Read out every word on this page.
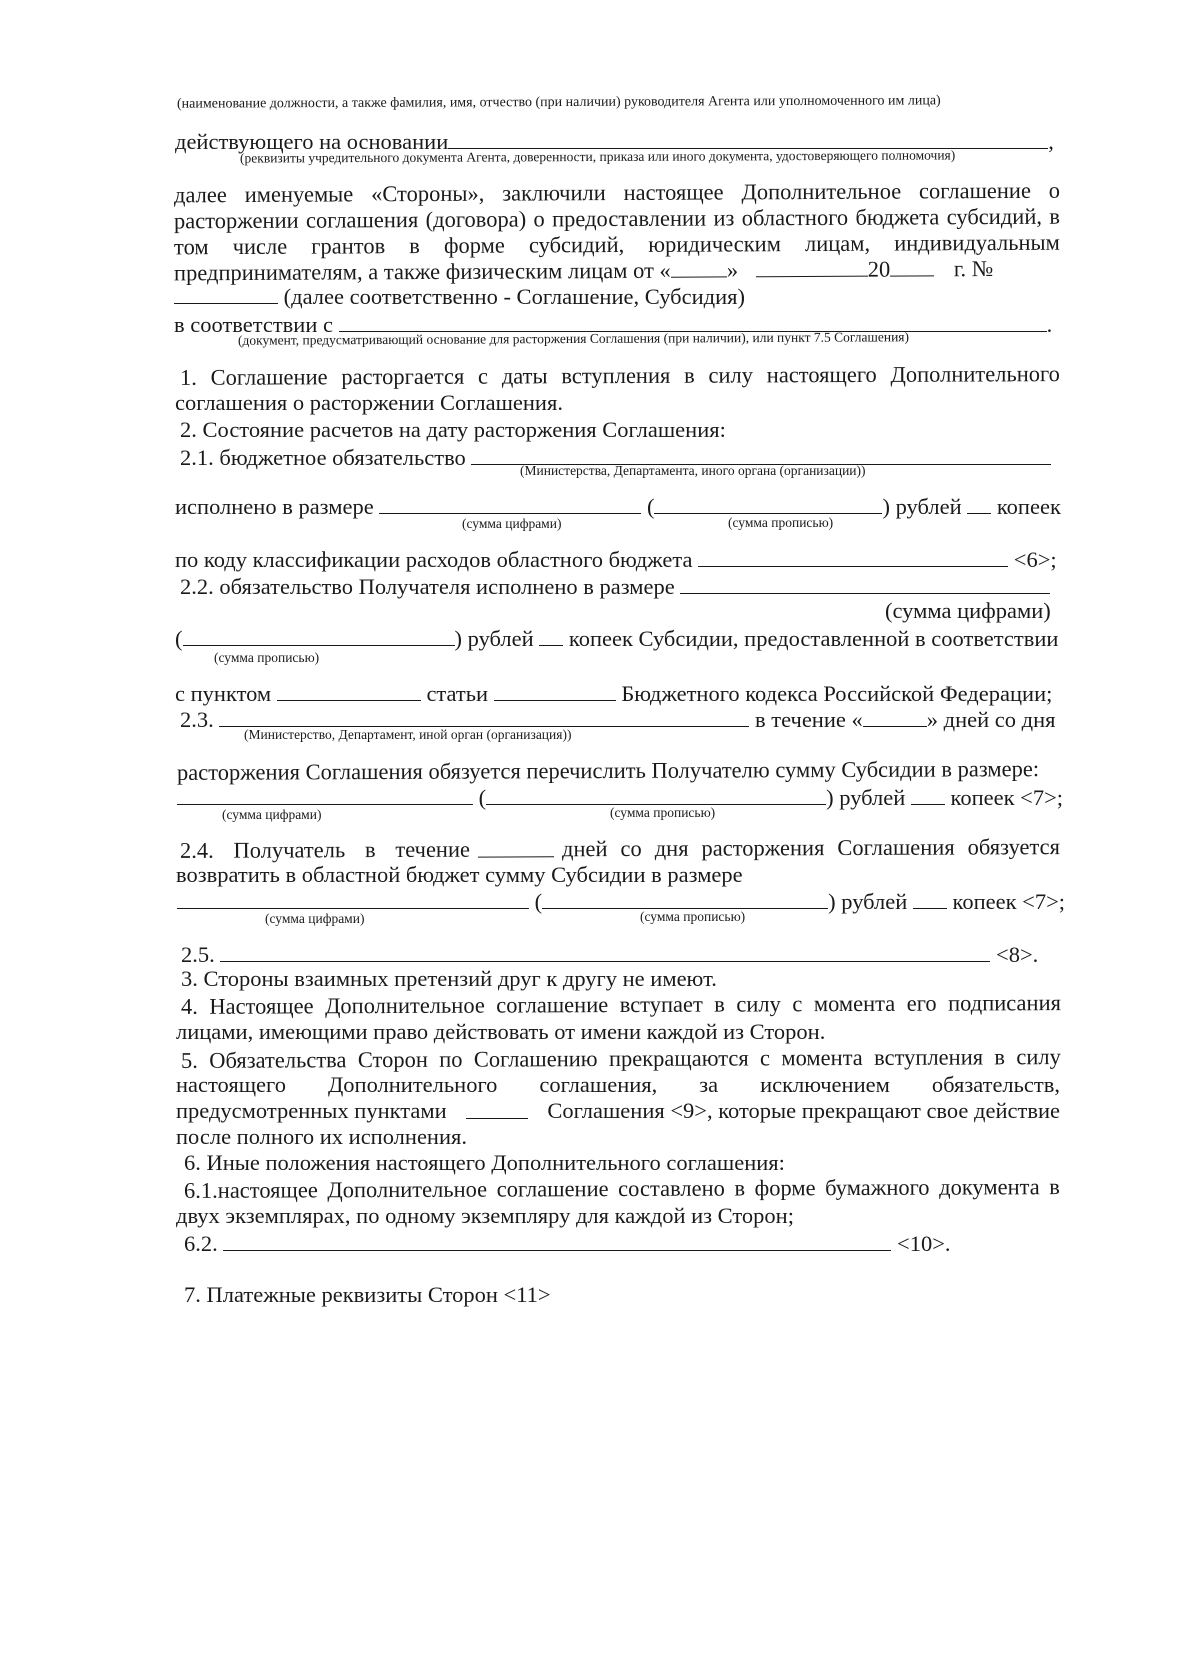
(наименование должности, а также фамилия, имя, отчество (при наличии) руководителя Агента или уполномоченного им лица)
действующего на основании	,
(реквизиты учредительного документа Агента, доверенности, приказа или иного документа, удостоверяющего полномочия)
далее именуемые «Стороны», заключили настоящее Дополнительное соглашение о
расторжении соглашения (договора) о предоставлении из областного бюджета субсидий, в
том числе грантов в форме субсидий, юридическим лицам, индивидуальным
предпринимателям, а также физическим лицам от « »	20	г. №
(далее соответственно - Соглашение, Субсидия)
в соответствии с	.
(документ, предусматривающий основание для расторжения Соглашения (при наличии), или пункт 7.5 Соглашения)
1. Соглашение расторгается с даты вступления в силу настоящего Дополнительного
соглашения о расторжении Соглашения.
2. Состояние расчетов на дату расторжения Соглашения:
2.1. бюджетное обязательство
(Министерства, Департамента, иного органа (организации))
исполнено в размере	(	) рублей копеек
(сумма цифрами)	(сумма прописью)
по коду классификации расходов областного бюджета	<6>;
2.2. обязательство Получателя исполнено в размере
(сумма цифрами)
(	) рублей копеек Субсидии, предоставленной в соответствии
(сумма прописью)
с пунктом	статьи	Бюджетного кодекса Российской Федерации;
2.3.	в течение «	» дней со дня
(Министерство, Департамент, иной орган (организация))
расторжения Соглашения обязуется перечислить Получателю сумму Субсидии в размере:
(	) рублей копеек <7>;
(сумма цифрами)	(сумма прописью)
2.4. Получатель в течение	дней со дня расторжения Соглашения обязуется
возвратить в областной бюджет сумму Субсидии в размере
(	) рублей копеек <7>;
(сумма цифрами)	(сумма прописью)
2.5.	<8>.
3. Стороны взаимных претензий друг к другу не имеют.
4. Настоящее Дополнительное соглашение вступает в силу с момента его подписания
лицами, имеющими право действовать от имени каждой из Сторон.
5. Обязательства Сторон по Соглашению прекращаются с момента вступления в силу
настоящего Дополнительного соглашения, за исключением обязательств,
предусмотренных пунктами	Соглашения <9>, которые прекращают свое действие
после полного их исполнения.
6. Иные положения настоящего Дополнительного соглашения:
6.1.настоящее Дополнительное соглашение составлено в форме бумажного документа в
двух экземплярах, по одному экземпляру для каждой из Сторон;
6.2.	<10>.
7. Платежные реквизиты Сторон <11>
